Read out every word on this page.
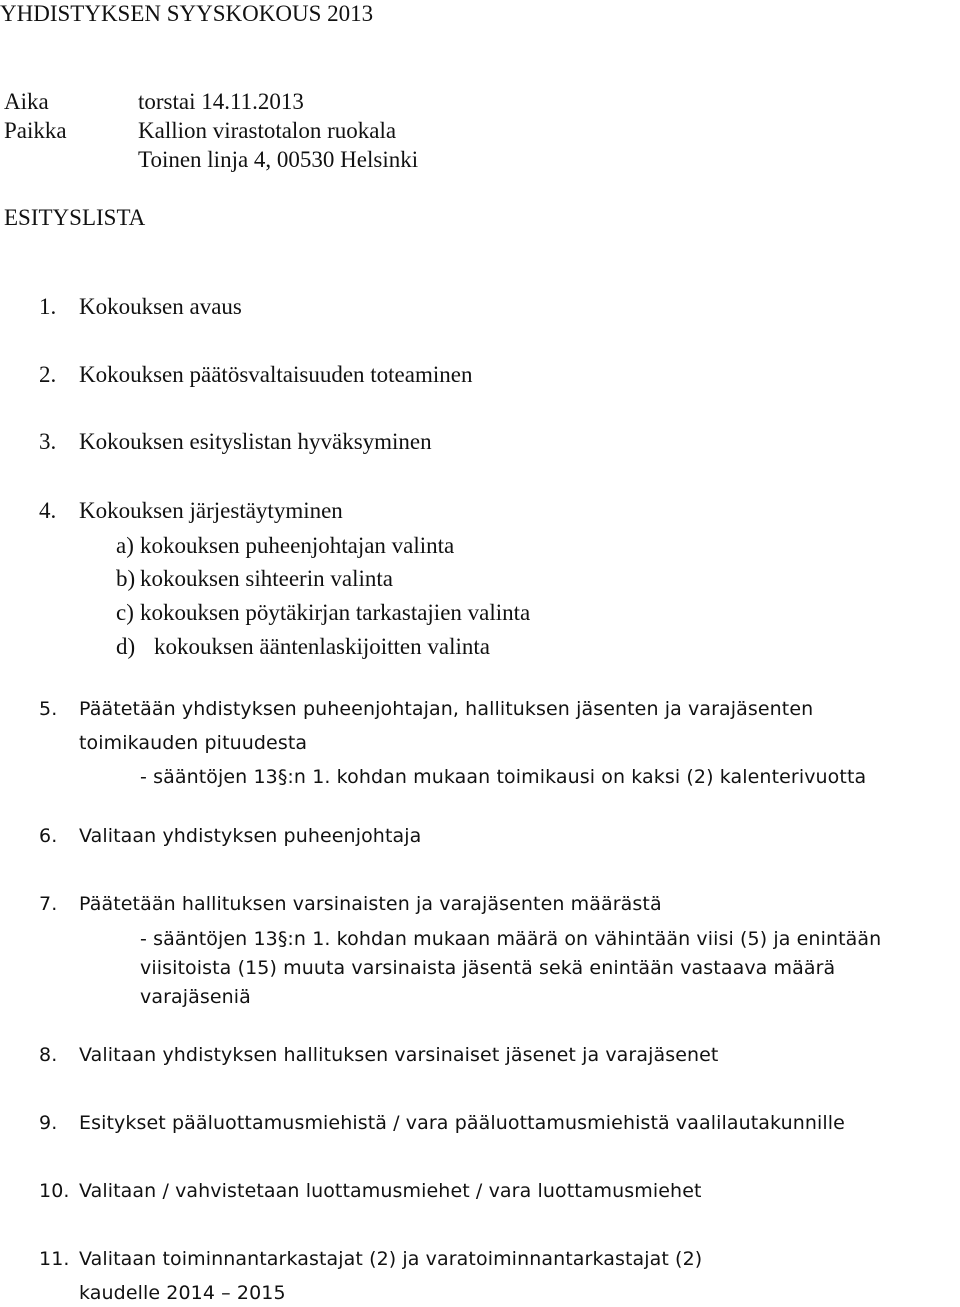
YHDISTYKSEN SYYSKOKOUS 2013
Aika	torstai 14.11.2013
Paikka	Kallion virastotalon ruokala
Toinen linja 4, 00530 Helsinki
ESITYSLISTA
1. Kokouksen avaus
2. Kokouksen päätösvaltaisuuden toteaminen
3. Kokouksen esityslistan hyväksyminen
4. Kokouksen järjestäytyminen
a) kokouksen puheenjohtajan valinta
b) kokouksen sihteerin valinta
c) kokouksen pöytäkirjan tarkastajien valinta
d) kokouksen ääntenlaskijoitten valinta
5. Päätetään yhdistyksen puheenjohtajan, hallituksen jäsenten ja varajäsenten
toimikauden pituudesta
- sääntöjen 13§:n 1. kohdan mukaan toimikausi on kaksi (2) kalenterivuotta
6. Valitaan yhdistyksen puheenjohtaja
7. Päätetään hallituksen varsinaisten ja varajäsenten määrästä
- sääntöjen 13§:n 1. kohdan mukaan määrä on vähintään viisi (5) ja enintään
viisitoista (15) muuta varsinaista jäsentä sekä enintään vastaava määrä
varajäseniä
8. Valitaan yhdistyksen hallituksen varsinaiset jäsenet ja varajäsenet
9. Esitykset pääluottamusmiehistä / vara pääluottamusmiehistä vaalilautakunnille
10. Valitaan / vahvistetaan luottamusmiehet / vara luottamusmiehet
11. Valitaan toiminnantarkastajat (2) ja varatoiminnantarkastajat (2)
kaudelle 2014 – 2015
